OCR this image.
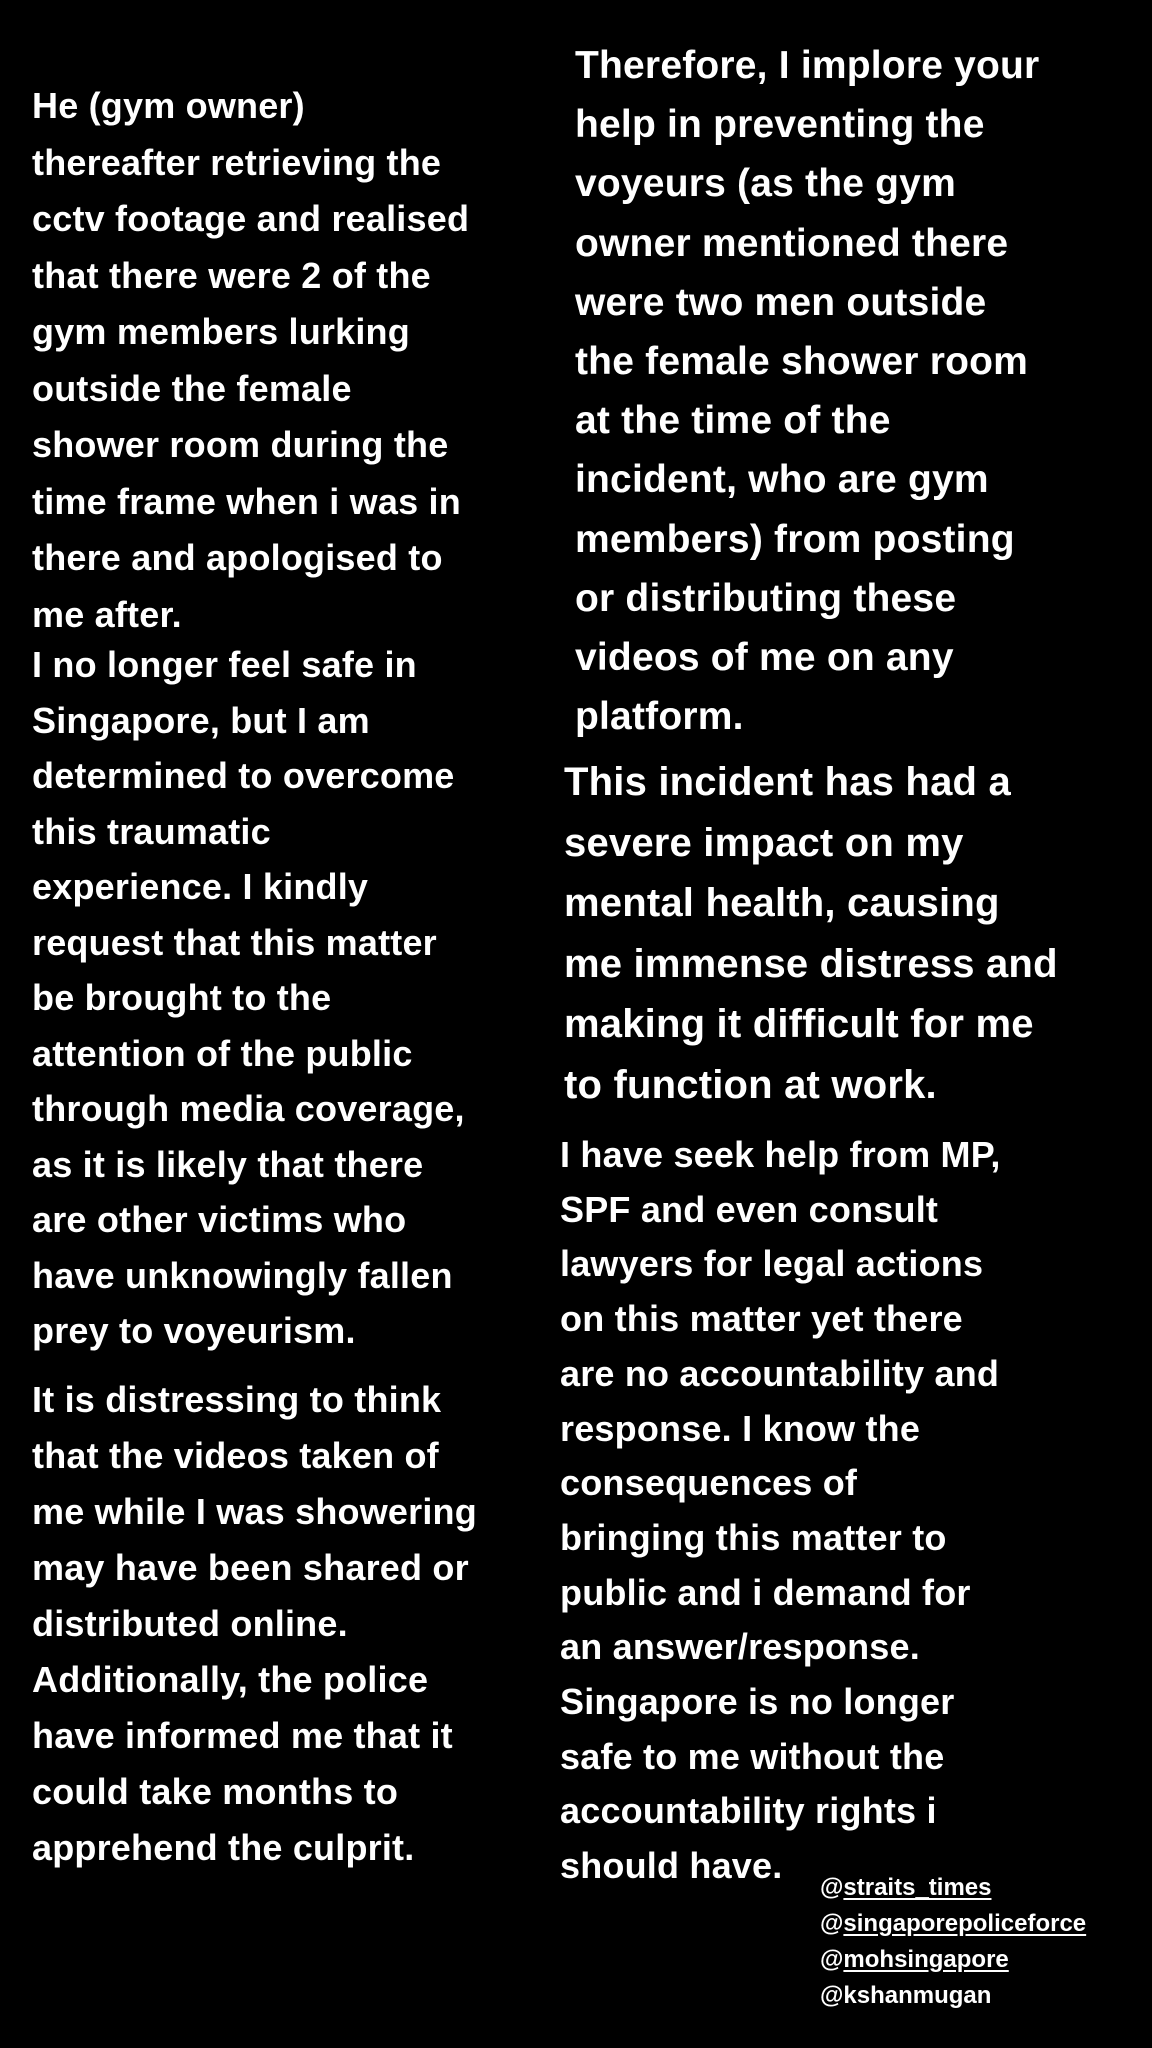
He (gym owner)
thereafter retrieving the
cctv footage and realised
that there were 2 of the
gym members lurking
outside the female
shower room during the
time frame when i was in
there and apologised to
me after.

I no longer feel safe in
Singapore, but I am
determined to overcome
this traumatic
experience. I kindly
request that this matter
be brought to the
attention of the public
through media coverage,
as it is likely that there
are other victims who
have unknowingly fallen
prey to voyeurism.

It is distressing to think
that the videos taken of
me while I was showering
may have been shared or
distributed online.
Additionally, the police
have informed me that it
could take months to
apprehend the culprit.

Therefore, I implore your
help in preventing the
voyeurs (as the gym
owner mentioned there
were two men outside
the female shower room
at the time of the
incident, who are gym
members) from posting
or distributing these
videos of me on any
platform.

This incident has had a
severe impact on my
mental health, causing
me immense distress and
making it difficult for me
to function at work.

I have seek help from MP,
SPF and even consult
lawyers for legal actions
on this matter yet there
are no accountability and
response. I know the
consequences of
bringing this matter to
public and i demand for
an answer/response.
Singapore is no longer
safe to me without the
accountability rights i
should have.

@straits_times
@singaporepoliceforce
@mohsingapore
@kshanmugan
